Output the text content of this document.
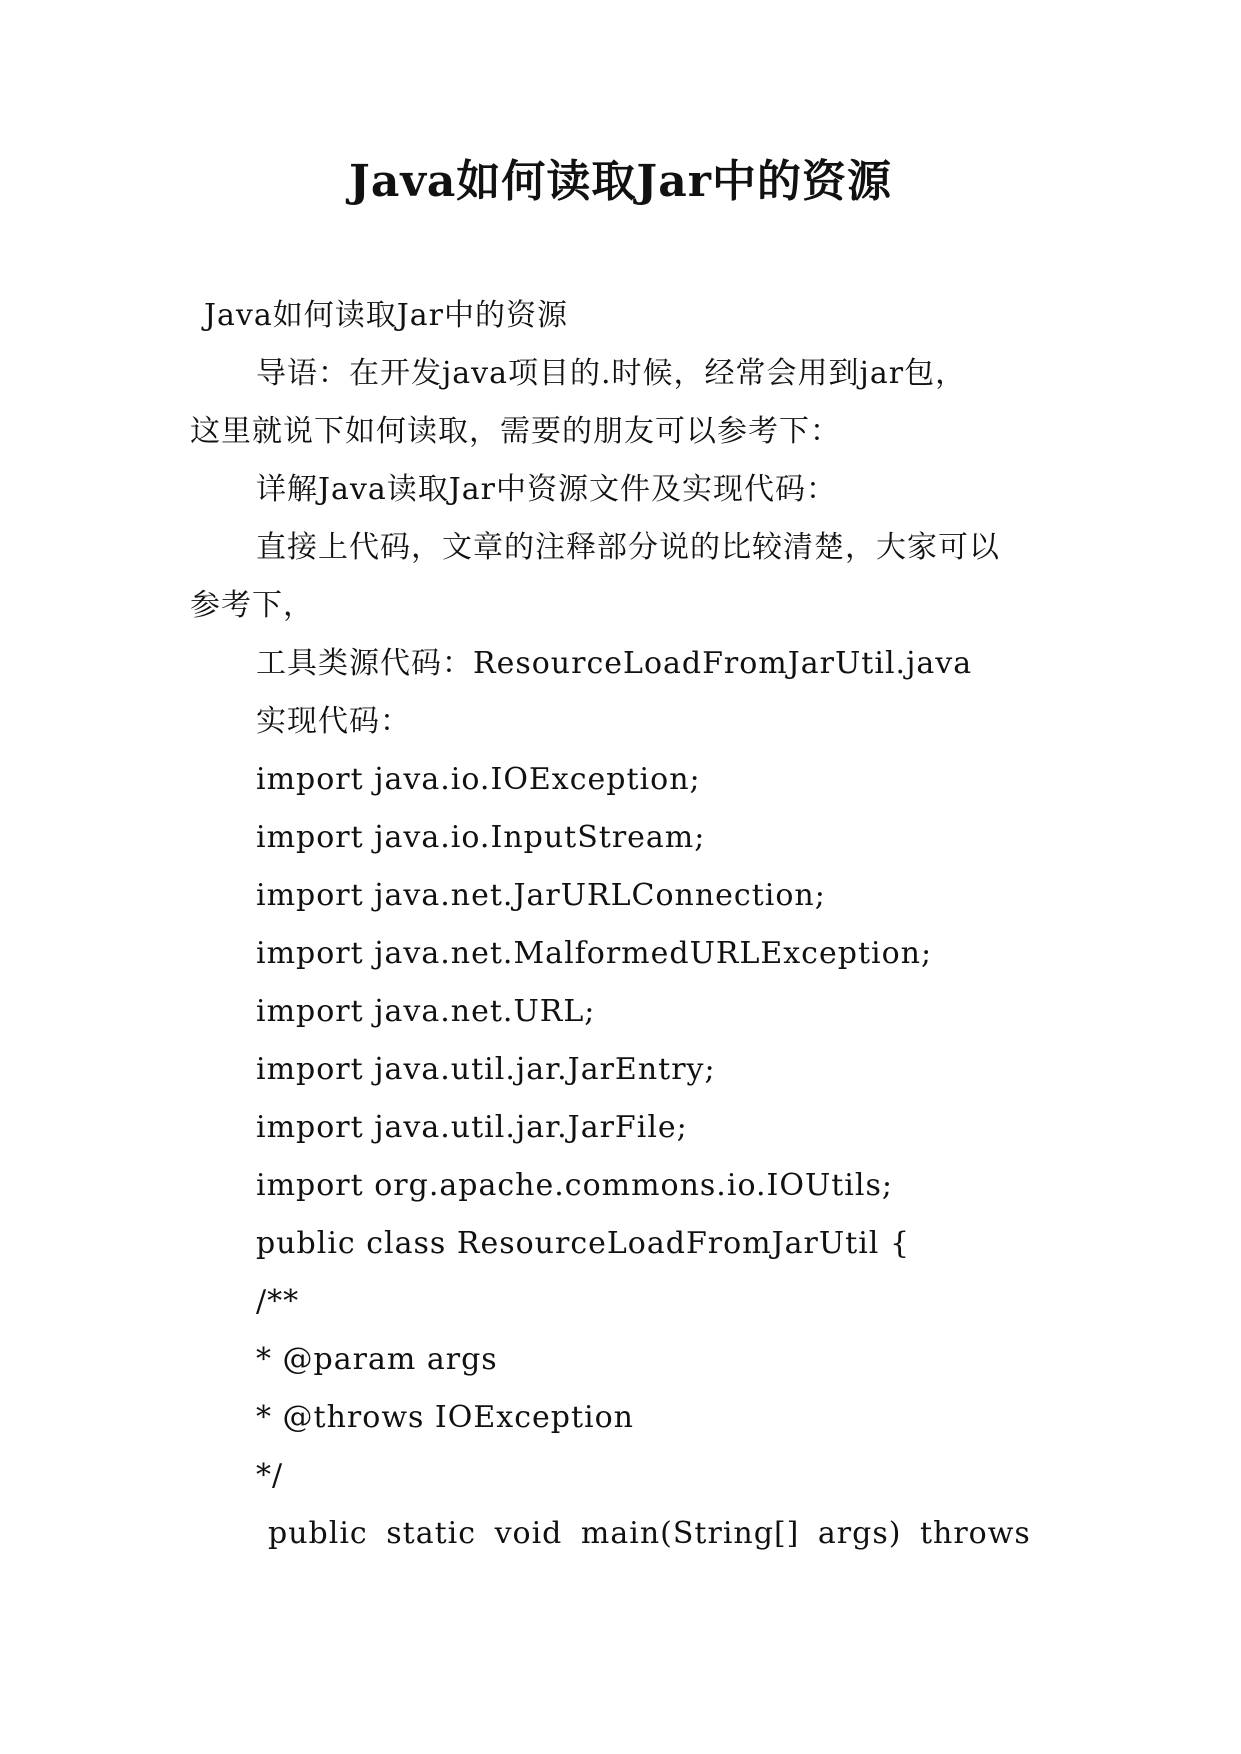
Java如何读取Jar中的资源

Java如何读取Jar中的资源

导语：在开发java项目的.时候，经常会用到jar包，

这里就说下如何读取，需要的朋友可以参考下：

详解Java读取Jar中资源文件及实现代码：

直接上代码，文章的注释部分说的比较清楚，大家可以

参考下，

工具类源代码：ResourceLoadFromJarUtil.java

实现代码：

import java.io.IOException;

import java.io.InputStream;

import java.net.JarURLConnection;

import java.net.MalformedURLException;

import java.net.URL;

import java.util.jar.JarEntry;

import java.util.jar.JarFile;

import org.apache.commons.io.IOUtils;

public class ResourceLoadFromJarUtil {

/**

* @param args

* @throws IOException

*/

public static void main(String[] args) throws
